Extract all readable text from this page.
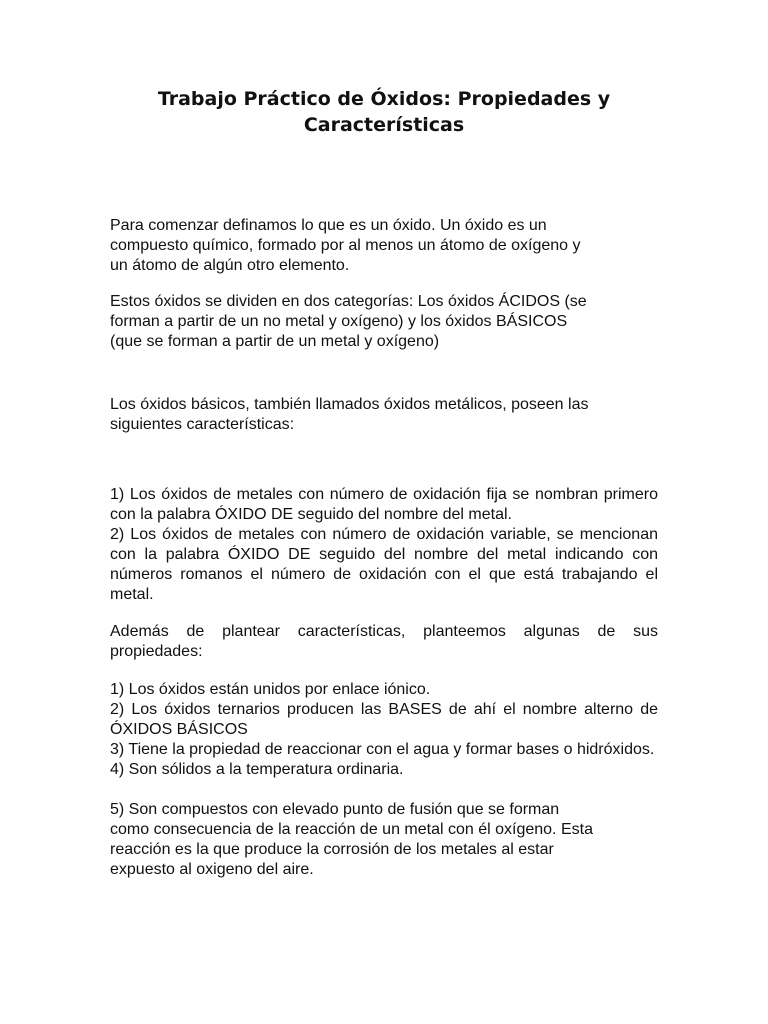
Trabajo Práctico de Óxidos: Propiedades y
Características
Para comenzar definamos lo que es un óxido. Un óxido es un
compuesto químico, formado por al menos un átomo de oxígeno y
un átomo de algún otro elemento.
Estos óxidos se dividen en dos categorías: Los óxidos ÁCIDOS (se
forman a partir de un no metal y oxígeno) y los óxidos BÁSICOS
(que se forman a partir de un metal y oxígeno)
Los óxidos básicos, también llamados óxidos metálicos, poseen las
siguientes características:
1) Los óxidos de metales con número de oxidación fija se nombran primero con la palabra ÓXIDO DE seguido del nombre del metal.
2) Los óxidos de metales con número de oxidación variable, se mencionan con la palabra ÓXIDO DE seguido del nombre del metal indicando con números romanos el número de oxidación con el que está trabajando el metal.
Además de plantear características, planteemos algunas de sus propiedades:
1) Los óxidos están unidos por enlace iónico.
2) Los óxidos ternarios producen las BASES de ahí el nombre alterno de ÓXIDOS BÁSICOS
3) Tiene la propiedad de reaccionar con el agua y formar bases o hidróxidos.
4) Son sólidos a la temperatura ordinaria.
5) Son compuestos con elevado punto de fusión que se forman
como consecuencia de la reacción de un metal con él oxígeno. Esta
reacción es la que produce la corrosión de los metales al estar
expuesto al oxigeno del aire.
